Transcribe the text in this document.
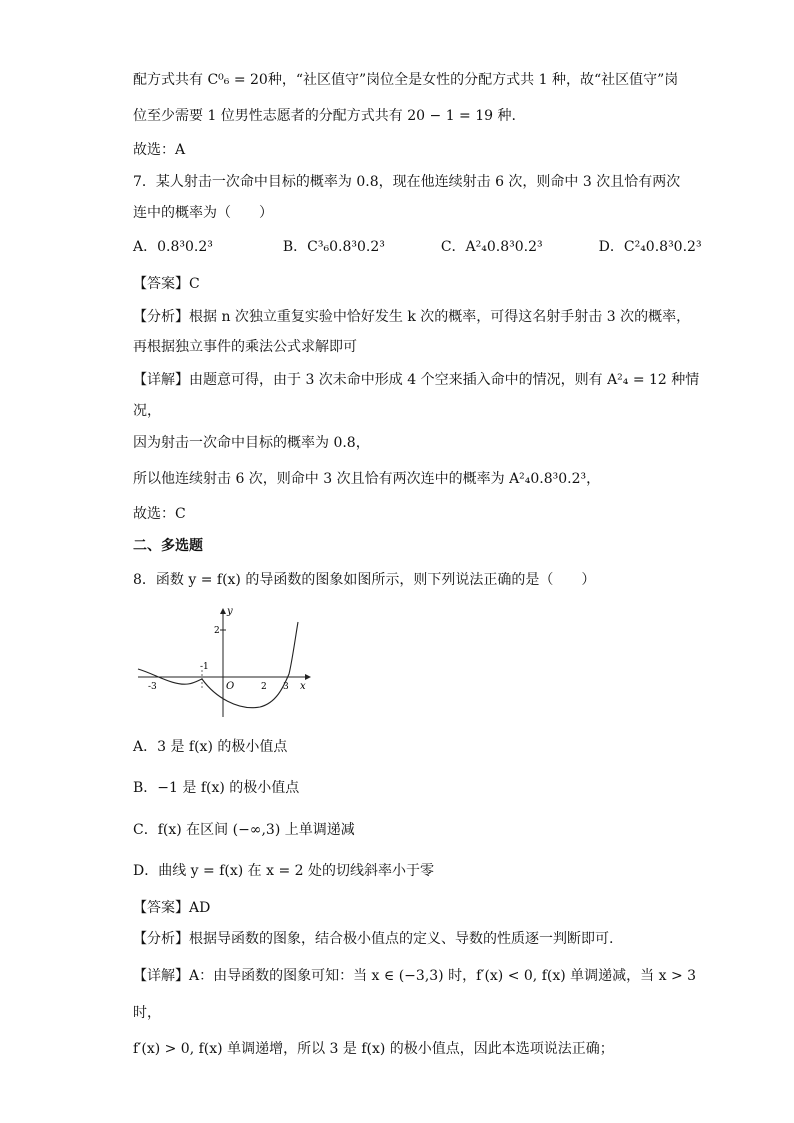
配方式共有 C⁰₆ = 20种，“社区值守”岗位全是女性的分配方式共 1 种，故“社区值守”岗
位至少需要 1 位男性志愿者的分配方式共有 20 − 1 = 19 种.
故选：A
7．某人射击一次命中目标的概率为 0.8，现在他连续射击 6 次，则命中 3 次且恰有两次
连中的概率为（　　）
A．0.8³0.2³　　　　　B．C³₆0.8³0.2³　　　　C．A²₄0.8³0.2³　　　　D．C²₄0.8³0.2³
【答案】C
【分析】根据 n 次独立重复实验中恰好发生 k 次的概率，可得这名射手射击 3 次的概率，
再根据独立事件的乘法公式求解即可
【详解】由题意可得，由于 3 次未命中形成 4 个空来插入命中的情况，则有 A²₄ = 12 种情
况，
因为射击一次命中目标的概率为 0.8，
所以他连续射击 6 次，则命中 3 次且恰有两次连中的概率为 A²₄0.8³0.2³，
故选：C
二、多选题
8．函数 y = f(x) 的导函数的图象如图所示，则下列说法正确的是（　　）
y
x
O
-3	2 3
2
-1
A．3 是 f(x) 的极小值点
B．−1 是 f(x) 的极小值点
C．f(x) 在区间 (−∞,3) 上单调递减
D．曲线 y = f(x) 在 x = 2 处的切线斜率小于零
【答案】AD
【分析】根据导函数的图象，结合极小值点的定义、导数的性质逐一判断即可.
【详解】A：由导函数的图象可知：当 x ∈ (−3,3) 时，f′(x) < 0, f(x) 单调递减，当 x > 3
时，
f′(x) > 0, f(x) 单调递增，所以 3 是 f(x) 的极小值点，因此本选项说法正确；
